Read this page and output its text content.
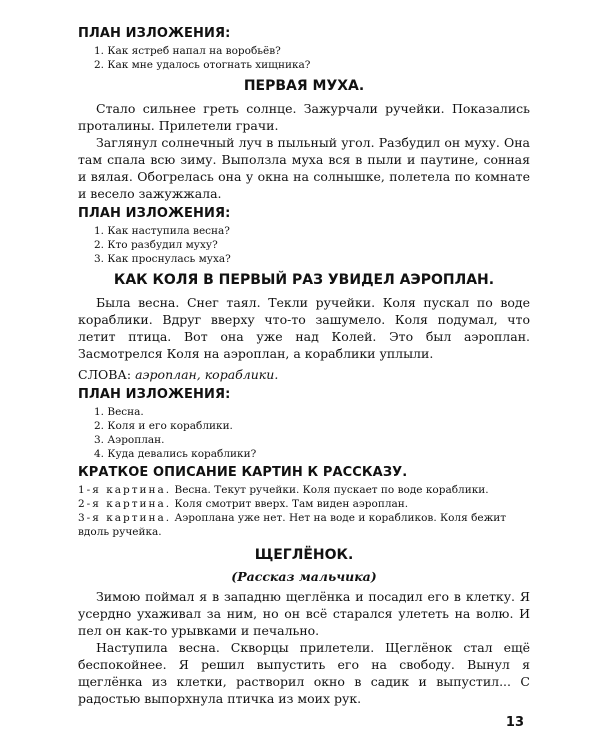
ПЛАН ИЗЛОЖЕНИЯ:
1. Как ястреб напал на воробьёв?
2. Как мне удалось отогнать хищника?
ПЕРВАЯ МУХА.

Стало сильнее греть солнце. Зажурчали ручейки. Показались проталины. Прилетели грачи.

Заглянул солнечный луч в пыльный угол. Разбудил он муху. Она там спала всю зиму. Выползла муха вся в пыли и паутине, сонная и вялая. Обогрелась она у окна на солнышке, полетела по комнате и весело зажужжала.

ПЛАН ИЗЛОЖЕНИЯ:
1. Как наступила весна?
2. Кто разбудил муху?
3. Как проснулась муха?
КАК КОЛЯ В ПЕРВЫЙ РАЗ УВИДЕЛ АЭРОПЛАН.

Была весна. Снег таял. Текли ручейки. Коля пускал по воде кораблики. Вдруг вверху что-то зашумело. Коля подумал, что летит птица. Вот она уже над Колей. Это был аэроплан. Засмотрелся Коля на аэроплан, а кораблики уплыли.

СЛОВА: аэроплан, кораблики.

ПЛАН ИЗЛОЖЕНИЯ:
1. Весна.
2. Коля и его кораблики.
3. Аэроплан.
4. Куда девались кораблики?
КРАТКОЕ ОПИСАНИЕ КАРТИН К РАССКАЗУ.

1-я картина. Весна. Текут ручейки. Коля пускает по воде кораблики.

2-я картина. Коля смотрит вверх. Там виден аэроплан.

3-я картина. Аэроплана уже нет. Нет на воде и корабликов. Коля бежит вдоль ручейка.

ЩЕГЛЁНОК.
(Рассказ мальчика)

Зимою поймал я в западню щеглёнка и посадил его в клетку. Я усердно ухаживал за ним, но он всё старался улететь на волю. И пел он как-то урывками и печально.

Наступила весна. Скворцы прилетели. Щеглёнок стал ещё беспокойнее. Я решил выпустить его на свободу. Вынул я щеглёнка из клетки, растворил окно в садик и выпустил... С радостью выпорхнула птичка из моих рук.

13
